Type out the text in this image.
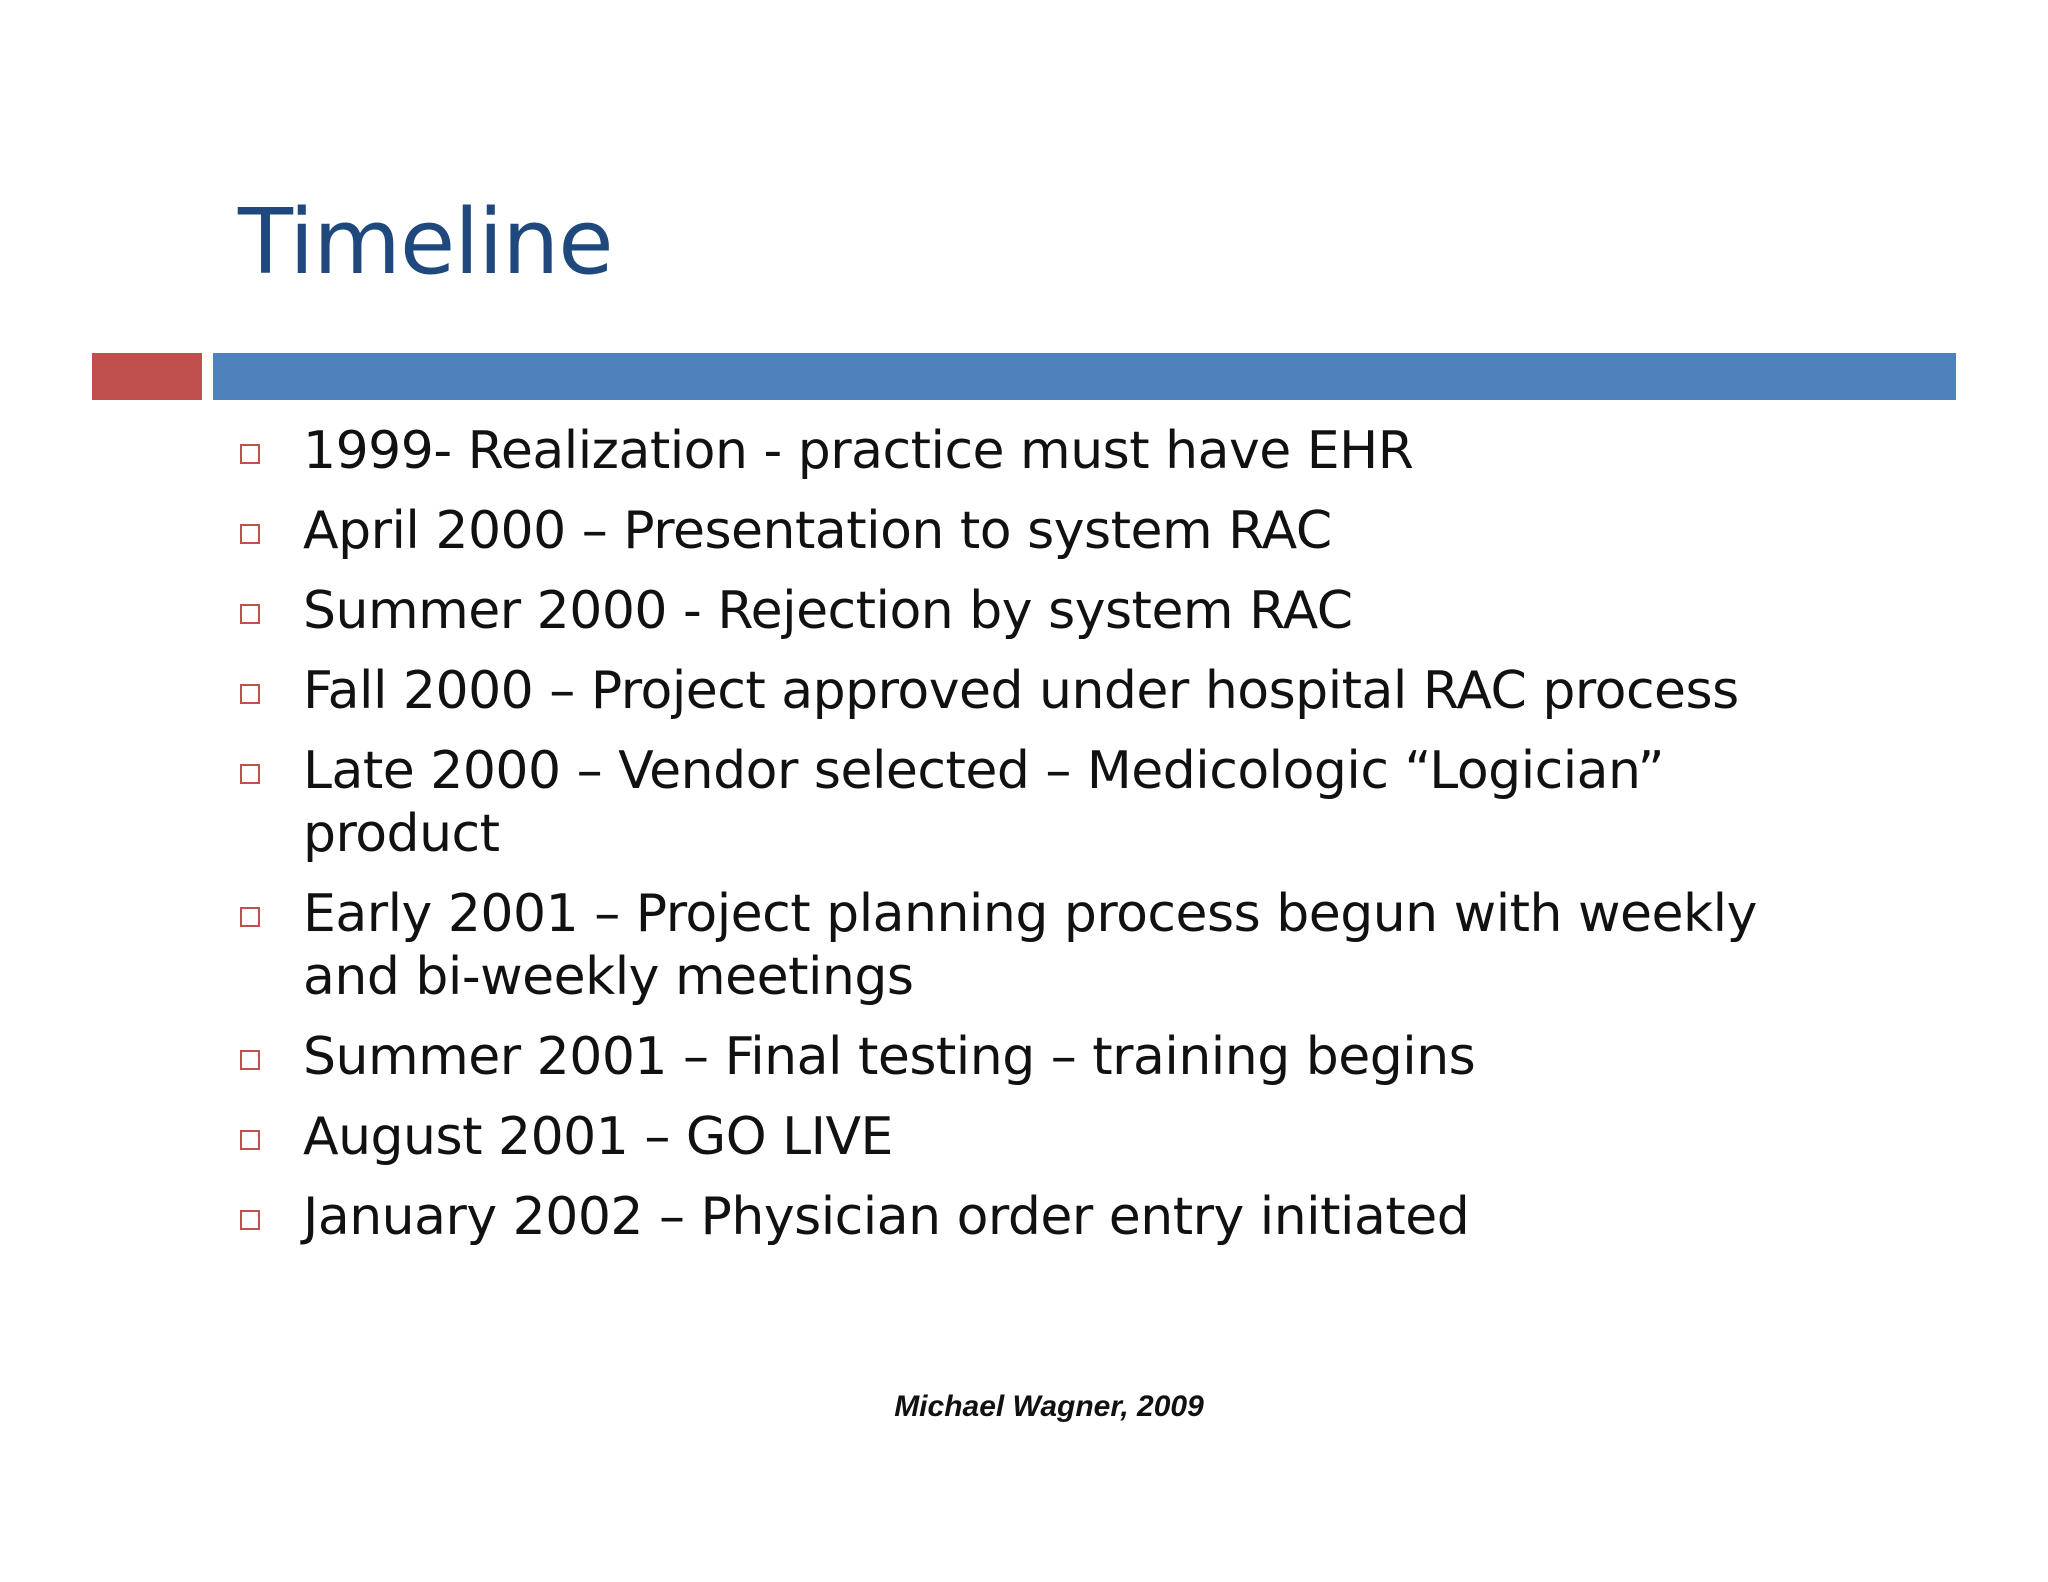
Timeline
1999- Realization - practice must have EHR
April 2000 – Presentation to system RAC
Summer 2000 - Rejection by system RAC
Fall 2000 – Project approved under hospital RAC process
Late 2000 – Vendor selected – Medicologic “Logician” product
Early 2001 – Project planning process begun with weekly and bi-weekly meetings
Summer 2001 – Final testing – training begins
August 2001 – GO LIVE
January 2002 – Physician order entry initiated
Michael Wagner, 2009
